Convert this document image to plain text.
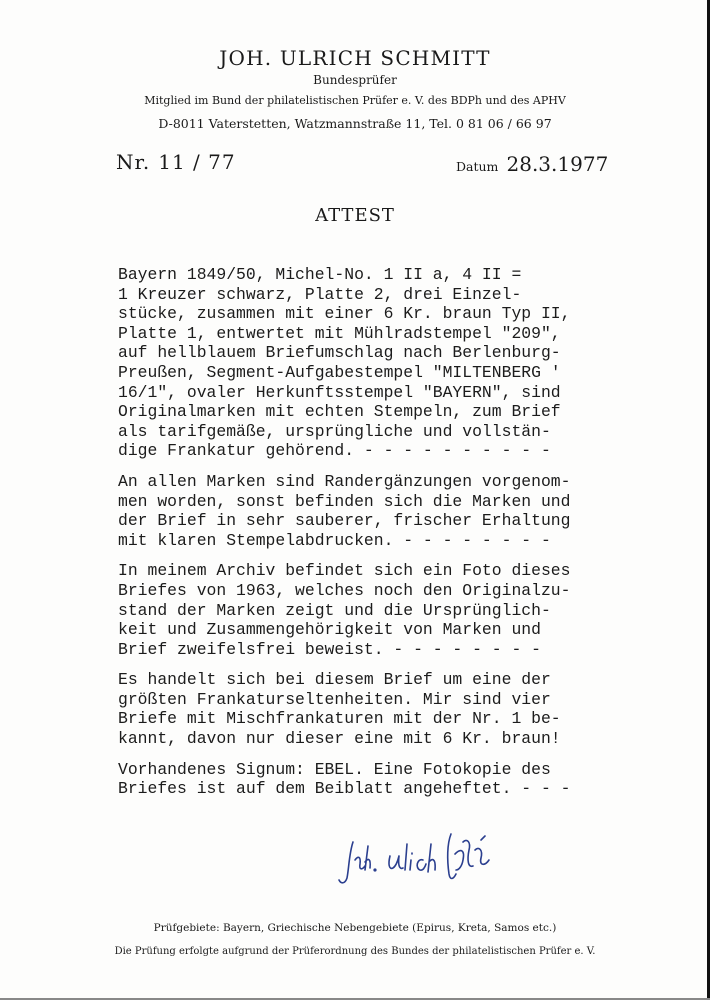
JOH. ULRICH SCHMITT
Bundesprüfer
Mitglied im Bund der philatelistischen Prüfer e. V. des BDPh und des APHV
D-8011 Vaterstetten, Watzmannstraße 11, Tel. 0 81 06 / 66 97
Nr. 11 / 77	Datum 28.3.1977
ATTEST
Bayern 1849/50, Michel-No. 1 II a, 4 II =
1 Kreuzer schwarz, Platte 2, drei Einzel-
stücke, zusammen mit einer 6 Kr. braun Typ II,
Platte 1, entwertet mit Mühlradstempel "209",
auf hellblauem Briefumschlag nach Berlenburg-
Preußen, Segment-Aufgabestempel "MILTENBERG '
16/1", ovaler Herkunftsstempel "BAYERN", sind
Originalmarken mit echten Stempeln, zum Brief
als tarifgemäße, ursprüngliche und vollstän-
dige Frankatur gehörend. - - - - - - - - - -
An allen Marken sind Randergänzungen vorgenom-
men worden, sonst befinden sich die Marken und
der Brief in sehr sauberer, frischer Erhaltung
mit klaren Stempelabdrucken. - - - - - - - -
In meinem Archiv befindet sich ein Foto dieses
Briefes von 1963, welches noch den Originalzu-
stand der Marken zeigt und die Ursprünglich-
keit und Zusammengehörigkeit von Marken und
Brief zweifelsfrei beweist. - - - - - - - -
Es handelt sich bei diesem Brief um eine der
größten Frankaturseltenheiten. Mir sind vier
Briefe mit Mischfrankaturen mit der Nr. 1 be-
kannt, davon nur dieser eine mit 6 Kr. braun!
Vorhandenes Signum: EBEL. Eine Fotokopie des
Briefes ist auf dem Beiblatt angeheftet. - - -
Prüfgebiete: Bayern, Griechische Nebengebiete (Epirus, Kreta, Samos etc.)
Die Prüfung erfolgte aufgrund der Prüferordnung des Bundes der philatelistischen Prüfer e. V.
